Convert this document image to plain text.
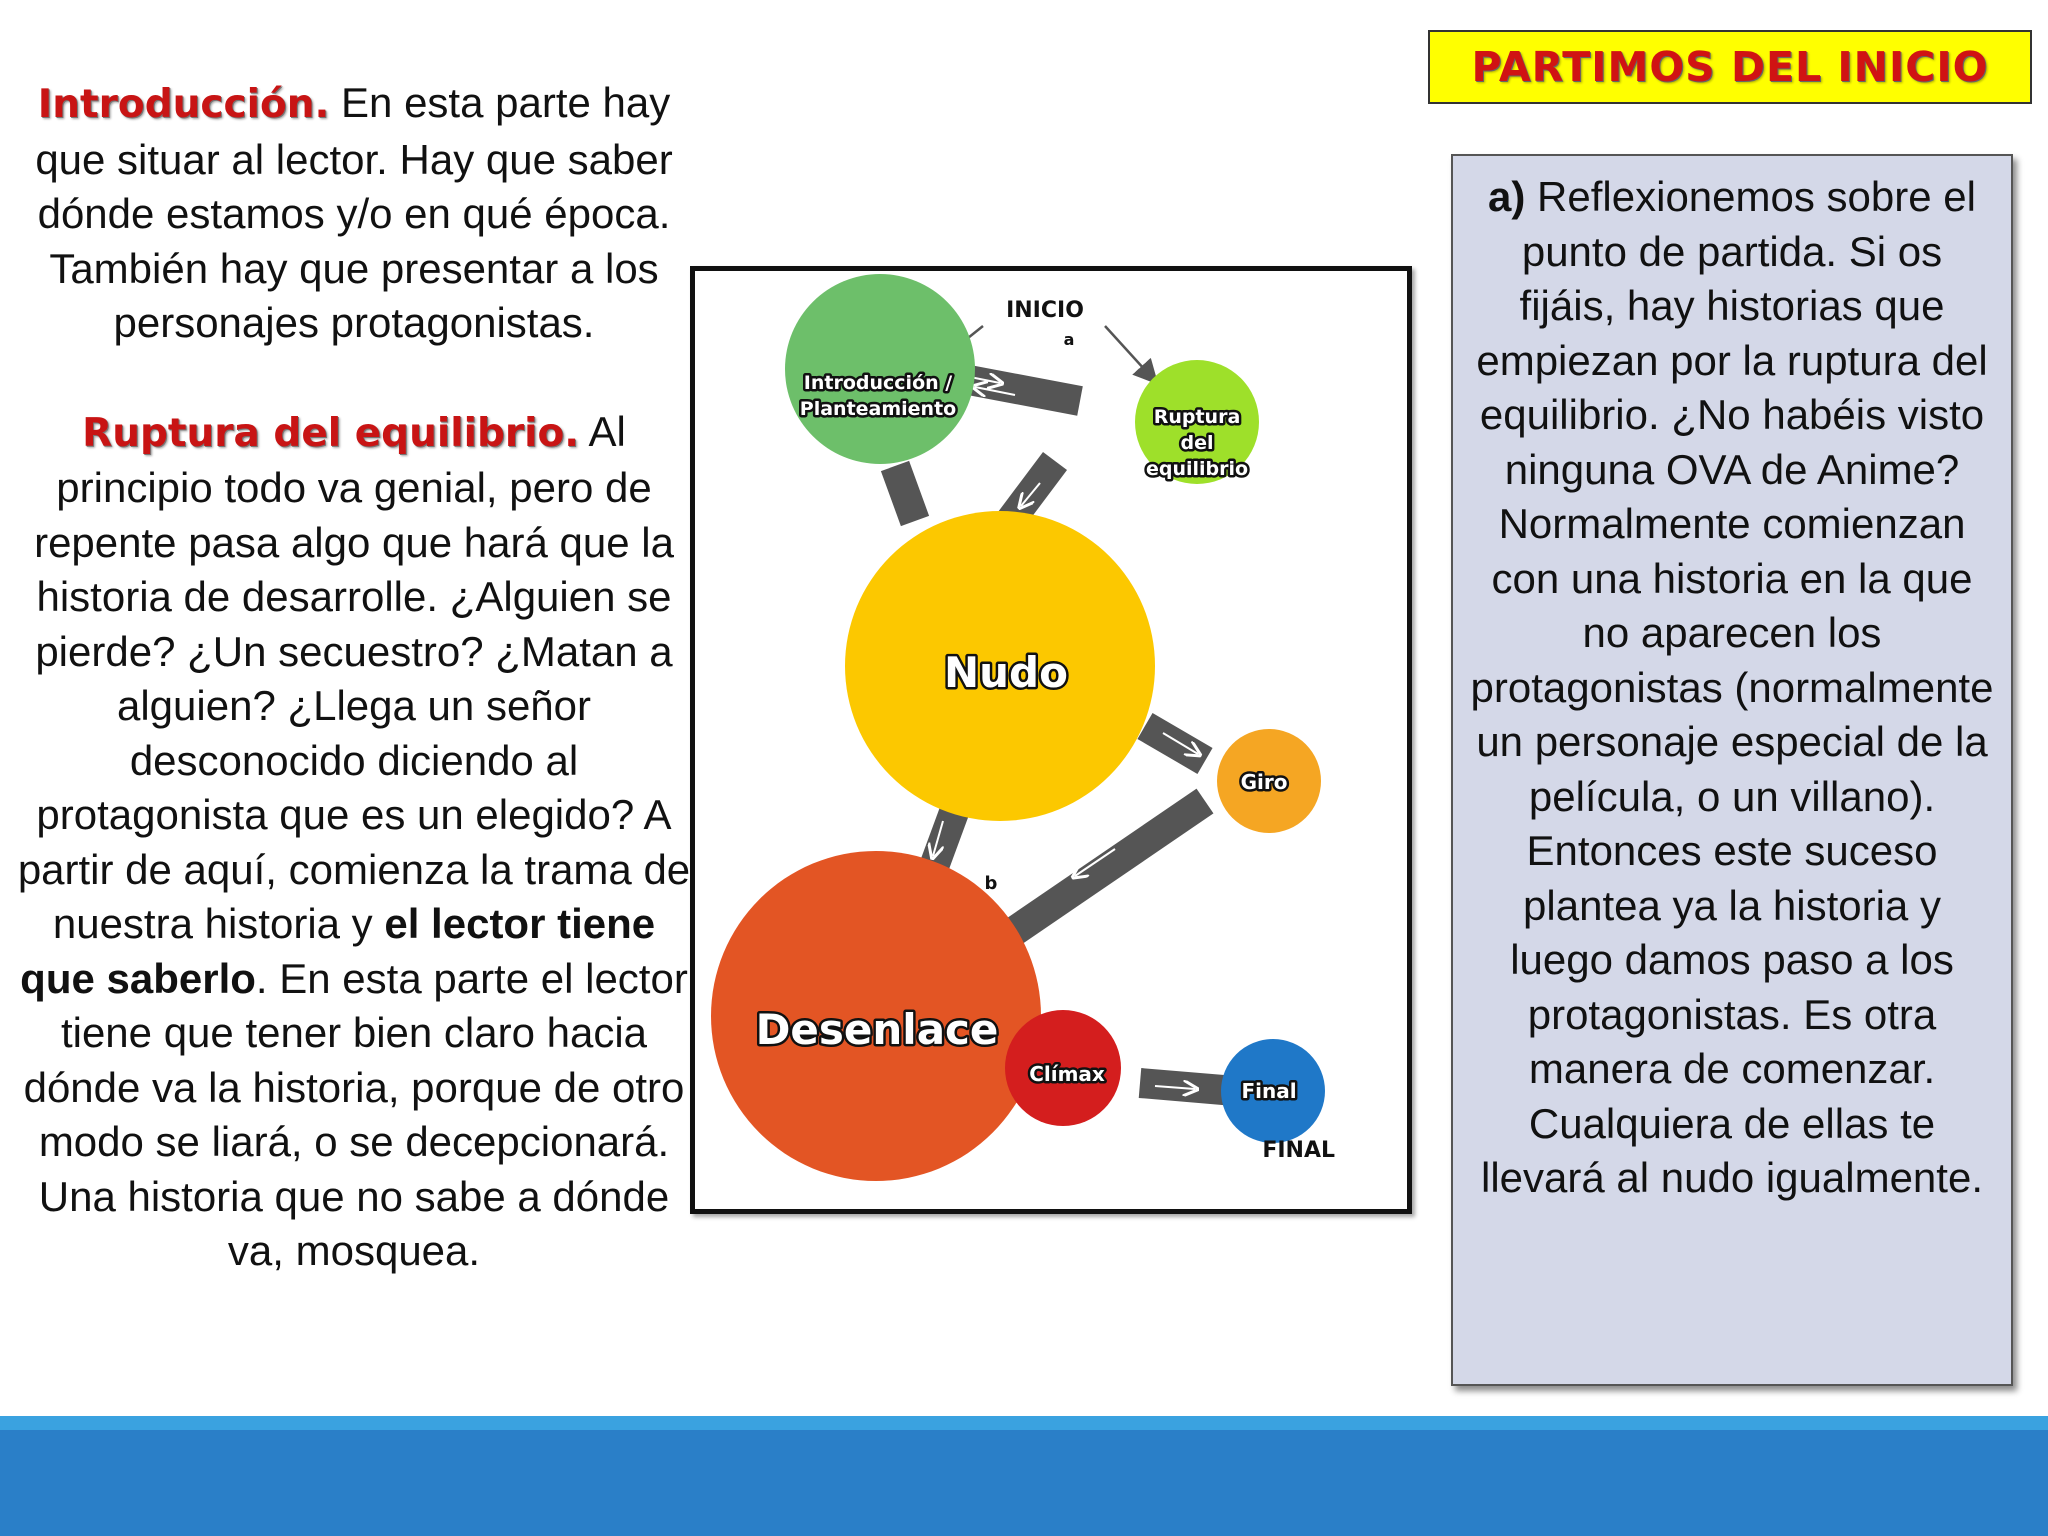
Introducción. En esta parte hay que situar al lector. Hay que saber dónde estamos y/o en qué época. También hay que presentar a los personajes protagonistas.

Ruptura del equilibrio. Al principio todo va genial, pero de repente pasa algo que hará que la historia de desarrolle. ¿Alguien se pierde? ¿Un secuestro? ¿Matan a alguien? ¿Llega un señor desconocido diciendo al protagonista que es un elegido? A partir de aquí, comienza la trama de nuestra historia y el lector tiene que saberlo. En esta parte el lector tiene que tener bien claro hacia dónde va la historia, porque de otro modo se liará, o se decepcionará. Una historia que no sabe a dónde va, mosquea.

PARTIMOS DEL INICIO

a) Reflexionemos sobre el punto de partida. Si os fijáis, hay historias que empiezan por la ruptura del equilibrio. ¿No habéis visto ninguna OVA de Anime? Normalmente comienzan con una historia en la que no aparecen los protagonistas (normalmente un personaje especial de la película, o un villano). Entonces este suceso plantea ya la historia y luego damos paso a los protagonistas. Es otra manera de comenzar. Cualquiera de ellas te llevará al nudo igualmente.

INICIO
a
b
FINAL
Introducción /
Planteamiento	Ruptura
del
equilibrio
Nudo
Giro
Desenlace
Clímax
Final
